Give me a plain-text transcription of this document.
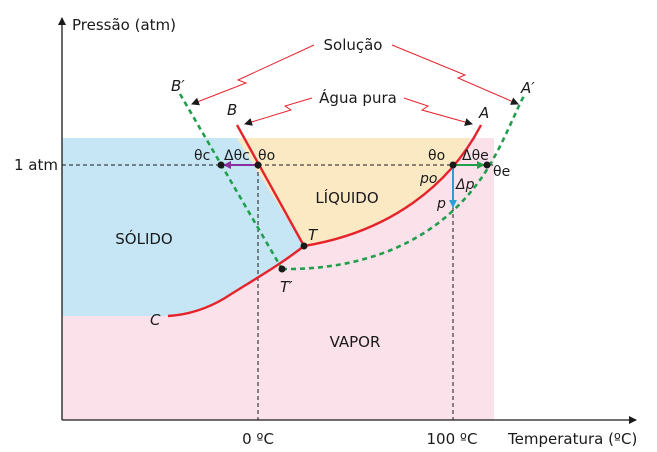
Pressão (atm)
Temperatura (ºC)
1 atm
0 ºC	100 ºC
SÓLIDO
LÍQUIDO
VAPOR
Solução
Água pura
A
A′
B
B′
C
T
T′
θc Δθc θo	θo Δθe
θe
po Δp
p
